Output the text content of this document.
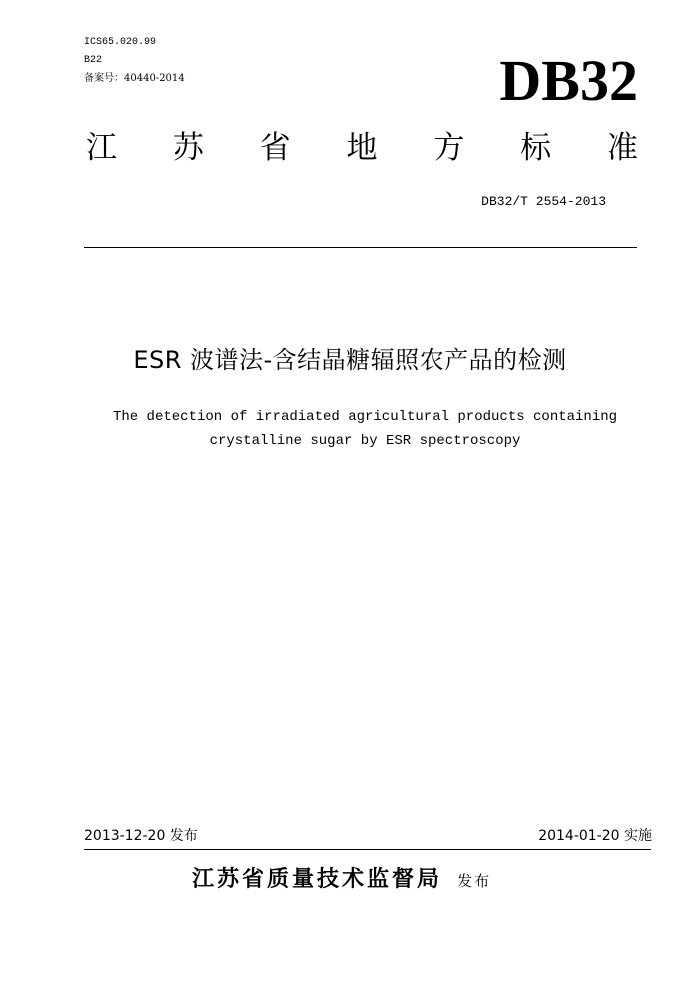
ICS65.020.99
B22
备案号：40440-2014	DB32
江 苏 省 地 方 标 准
DB32/T 2554-2013
ESR 波谱法-含结晶糖辐照农产品的检测
The detection of irradiated agricultural products containing
crystalline sugar by ESR spectroscopy
2013-12-20 发布	2014-01-20 实施
江苏省质量技术监督局 发布
